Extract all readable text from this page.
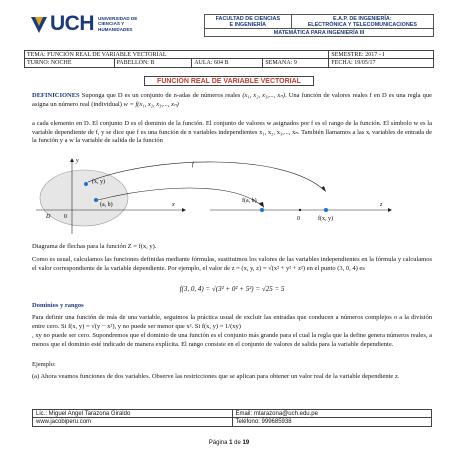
UCH UNIVERSIDAD DE CIENCIAS Y HUMANIDADES
FACULTAD DE CIENCIAS
E INGENIERÍA

E.A.P. DE INGENIERÍA:
ELECTRÓNICA Y TELECOMUNICACIONES

MATEMÁTICA PARA INGENIERÍA III
TEMA: FUNCIÓN REAL DE VARIABLE VECTORIAL				SEMESTRE: 2017 - I
TURNO: NOCHE	PABELLÓN: B	AULA: 604 B	SEMANA: 9	FECHA: 19/05/17
FUNCIÓN REAL DE VARIABLE VECTORIAL
DEFINICIONES Suponga que D es un conjunto de n-adas de números reales (x₁, x₂, x₃,..., xₙ). Una función de valores reales f en D es una regla que asigna un número real (individual) w = f(x₁, x₂, x₃,..., xₙ)
a cada elemento en D. El conjunto D es el dominio de la función. El conjunto de valores w asignados por f es el rango de la función. El símbolo w es la variable dependiente de f, y se dice que f es una función de n variables independientes x₁, x₂, x₃,..., xₙ. También llamamos a las xᵢ variables de entrada de la función y a w la variable de salida de la función
f
(x, y)
(a, b)
D 0
x
y
f(a, b)
f(x, y)
z
0
Diagrama de flechas para la función Z = f(x, y).
Como es usual, calculamos las funciones definidas mediante fórmulas, sustituimos los valores de las variables independientes en la fórmula y calculamos el valor correspondiente de la variable dependiente. Por ejemplo, el valor de z = (x, y, z) = √(x² + y² + z²) en el punto (3, 0, 4) es
f(3, 0, 4) = √(3² + 0² + 5²) = √25 = 5
Dominios y rangos
Para definir una función de más de una variable, seguimos la práctica usual de excluir las entradas que conducen a números complejos o a la división entre cero. Si f(x, y) = √(y − x²), y no puede ser menor que x². Si f(x, y) = 1/(xy)
, xy no puede ser cero. Supondremos que el dominio de una función es el conjunto más grande para el cual la regla que la define genera números reales, a menos que el dominio esté indicado de manera explícita. El rango consiste en el conjunto de valores de salida para la variable dependiente.
Ejemplo:
(a) Ahora veamos funciones de dos variables. Observe las restricciones que se aplican para obtener un valor real de la variable dependiente z.
Lic.: Miguel Angel Tarazona Giraldo	Email: mtarazona@uch.edu.pe
www.jacobiperu.com	Teléfono: 999685938
Página 1 de 19
